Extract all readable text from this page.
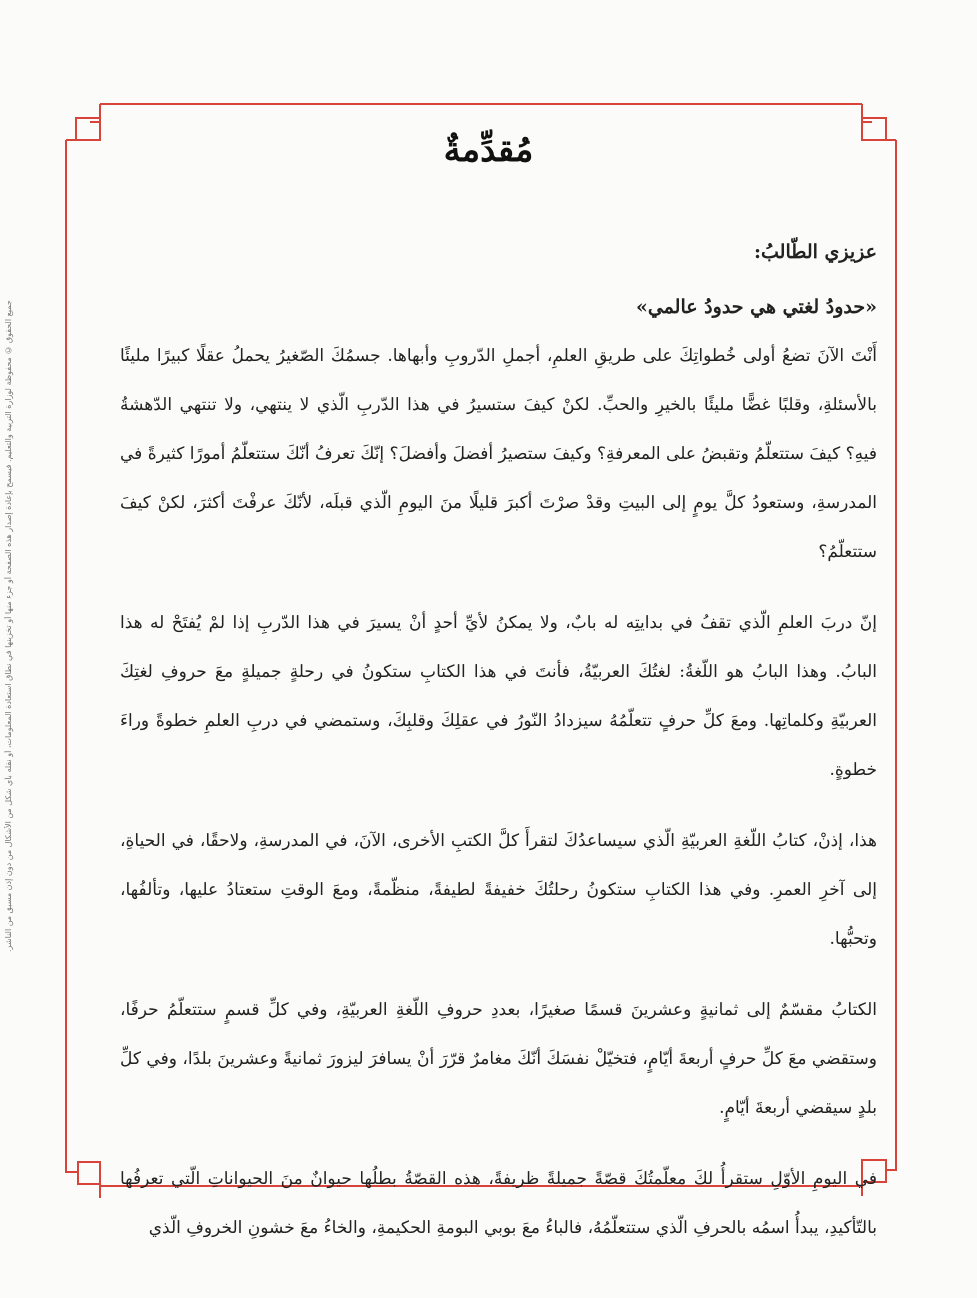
جميع الحقوق © محفوظة لوزارة التربية والتعليم. فيسمح بإعادة إصدار هذه الصفحة أو جزء منها أو تخزينها في نطاق استعادة المعلومات، أو نقله بأي شكل من الأشكال من دون إذن مسبق من الناشر.
مُقدِّمةٌ

عزيزي الطّالبُ:

«حدودُ لغتي هي حدودُ عالمي»

أَنْتَ الآنَ تضعُ أولى خُطواتِكَ على طريقِ العلمِ، أجملِ الدّروبِ وأبهاها. جسمُكَ الصّغيرُ يحملُ عقلًا كبيرًا مليئًا بالأسئلةِ، وقلبًا غضًّا مليئًا بالخيرِ والحبِّ. لكنْ كيفَ ستسيرُ في هذا الدّربِ الّذي لا ينتهي، ولا تنتهي الدّهشةُ فيهِ؟ كيفَ ستتعلّمُ وتقبضُ على المعرفةِ؟ وكيفَ ستصيرُ أفضلَ وأفضلَ؟ إنّكَ تعرفُ أنّكَ ستتعلّمُ أمورًا كثيرةً في المدرسةِ، وستعودُ كلَّ يومٍ إلى البيتِ وقدْ صرْتَ أكبرَ قليلًا منَ اليومِ الّذي قبلَه، لأنّكَ عرفْتَ أكثرَ، لكنْ كيفَ ستتعلّمُ؟

إنّ دربَ العلمِ الّذي تقفُ في بدايتِه له بابٌ، ولا يمكنُ لأيِّ أحدٍ أنْ يسيرَ في هذا الدّربِ إذا لمْ يُفتَحْ له هذا البابُ. وهذا البابُ هو اللّغةُ: لغتُكَ العربيّةُ، فأنتَ في هذا الكتابِ ستكونُ في رحلةٍ جميلةٍ معَ حروفِ لغتِكَ العربيّةِ وكلماتِها. ومعَ كلِّ حرفٍ تتعلّمُهُ سيزدادُ النّورُ في عقلِكَ وقلبِكَ، وستمضي في دربِ العلمِ خطوةً وراءَ خطوةٍ.

هذا، إذنْ، كتابُ اللّغةِ العربيّةِ الّذي سيساعدُكَ لتقرأَ كلَّ الكتبِ الأخرى، الآنَ، في المدرسةِ، ولاحقًا، في الحياةِ، إلى آخرِ العمرِ. وفي هذا الكتابِ ستكونُ رحلتُكَ خفيفةً لطيفةً، منظّمةً، ومعَ الوقتِ ستعتادُ عليها، وتألفُها، وتحبُّها.

الكتابُ مقسّمٌ إلى ثمانيةٍ وعشرينَ قسمًا صغيرًا، بعددِ حروفِ اللّغةِ العربيّةِ، وفي كلِّ قسمٍ ستتعلّمُ حرفًا، وستقضي معَ كلِّ حرفٍ أربعةَ أيّامٍ، فتخيّلْ نفسَكَ أنّكَ مغامرٌ قرّرَ أنْ يسافرَ ليزورَ ثمانيةً وعشرينَ بلدًا، وفي كلِّ بلدٍ سيقضي أربعةَ أيّامٍ.

في اليومِ الأوّلِ ستقرأُ لكَ معلّمتُكَ قصّةً جميلةً ظريفةً، هذه القصّةُ بطلُها حيوانٌ منَ الحيواناتِ الّتي تعرفُها بالتّأكيدِ، يبدأُ اسمُه بالحرفِ الّذي ستتعلّمُهُ، فالباءُ معَ بوبي البومةِ الحكيمةِ، والخاءُ معَ خشونِ الخروفِ الّذي
